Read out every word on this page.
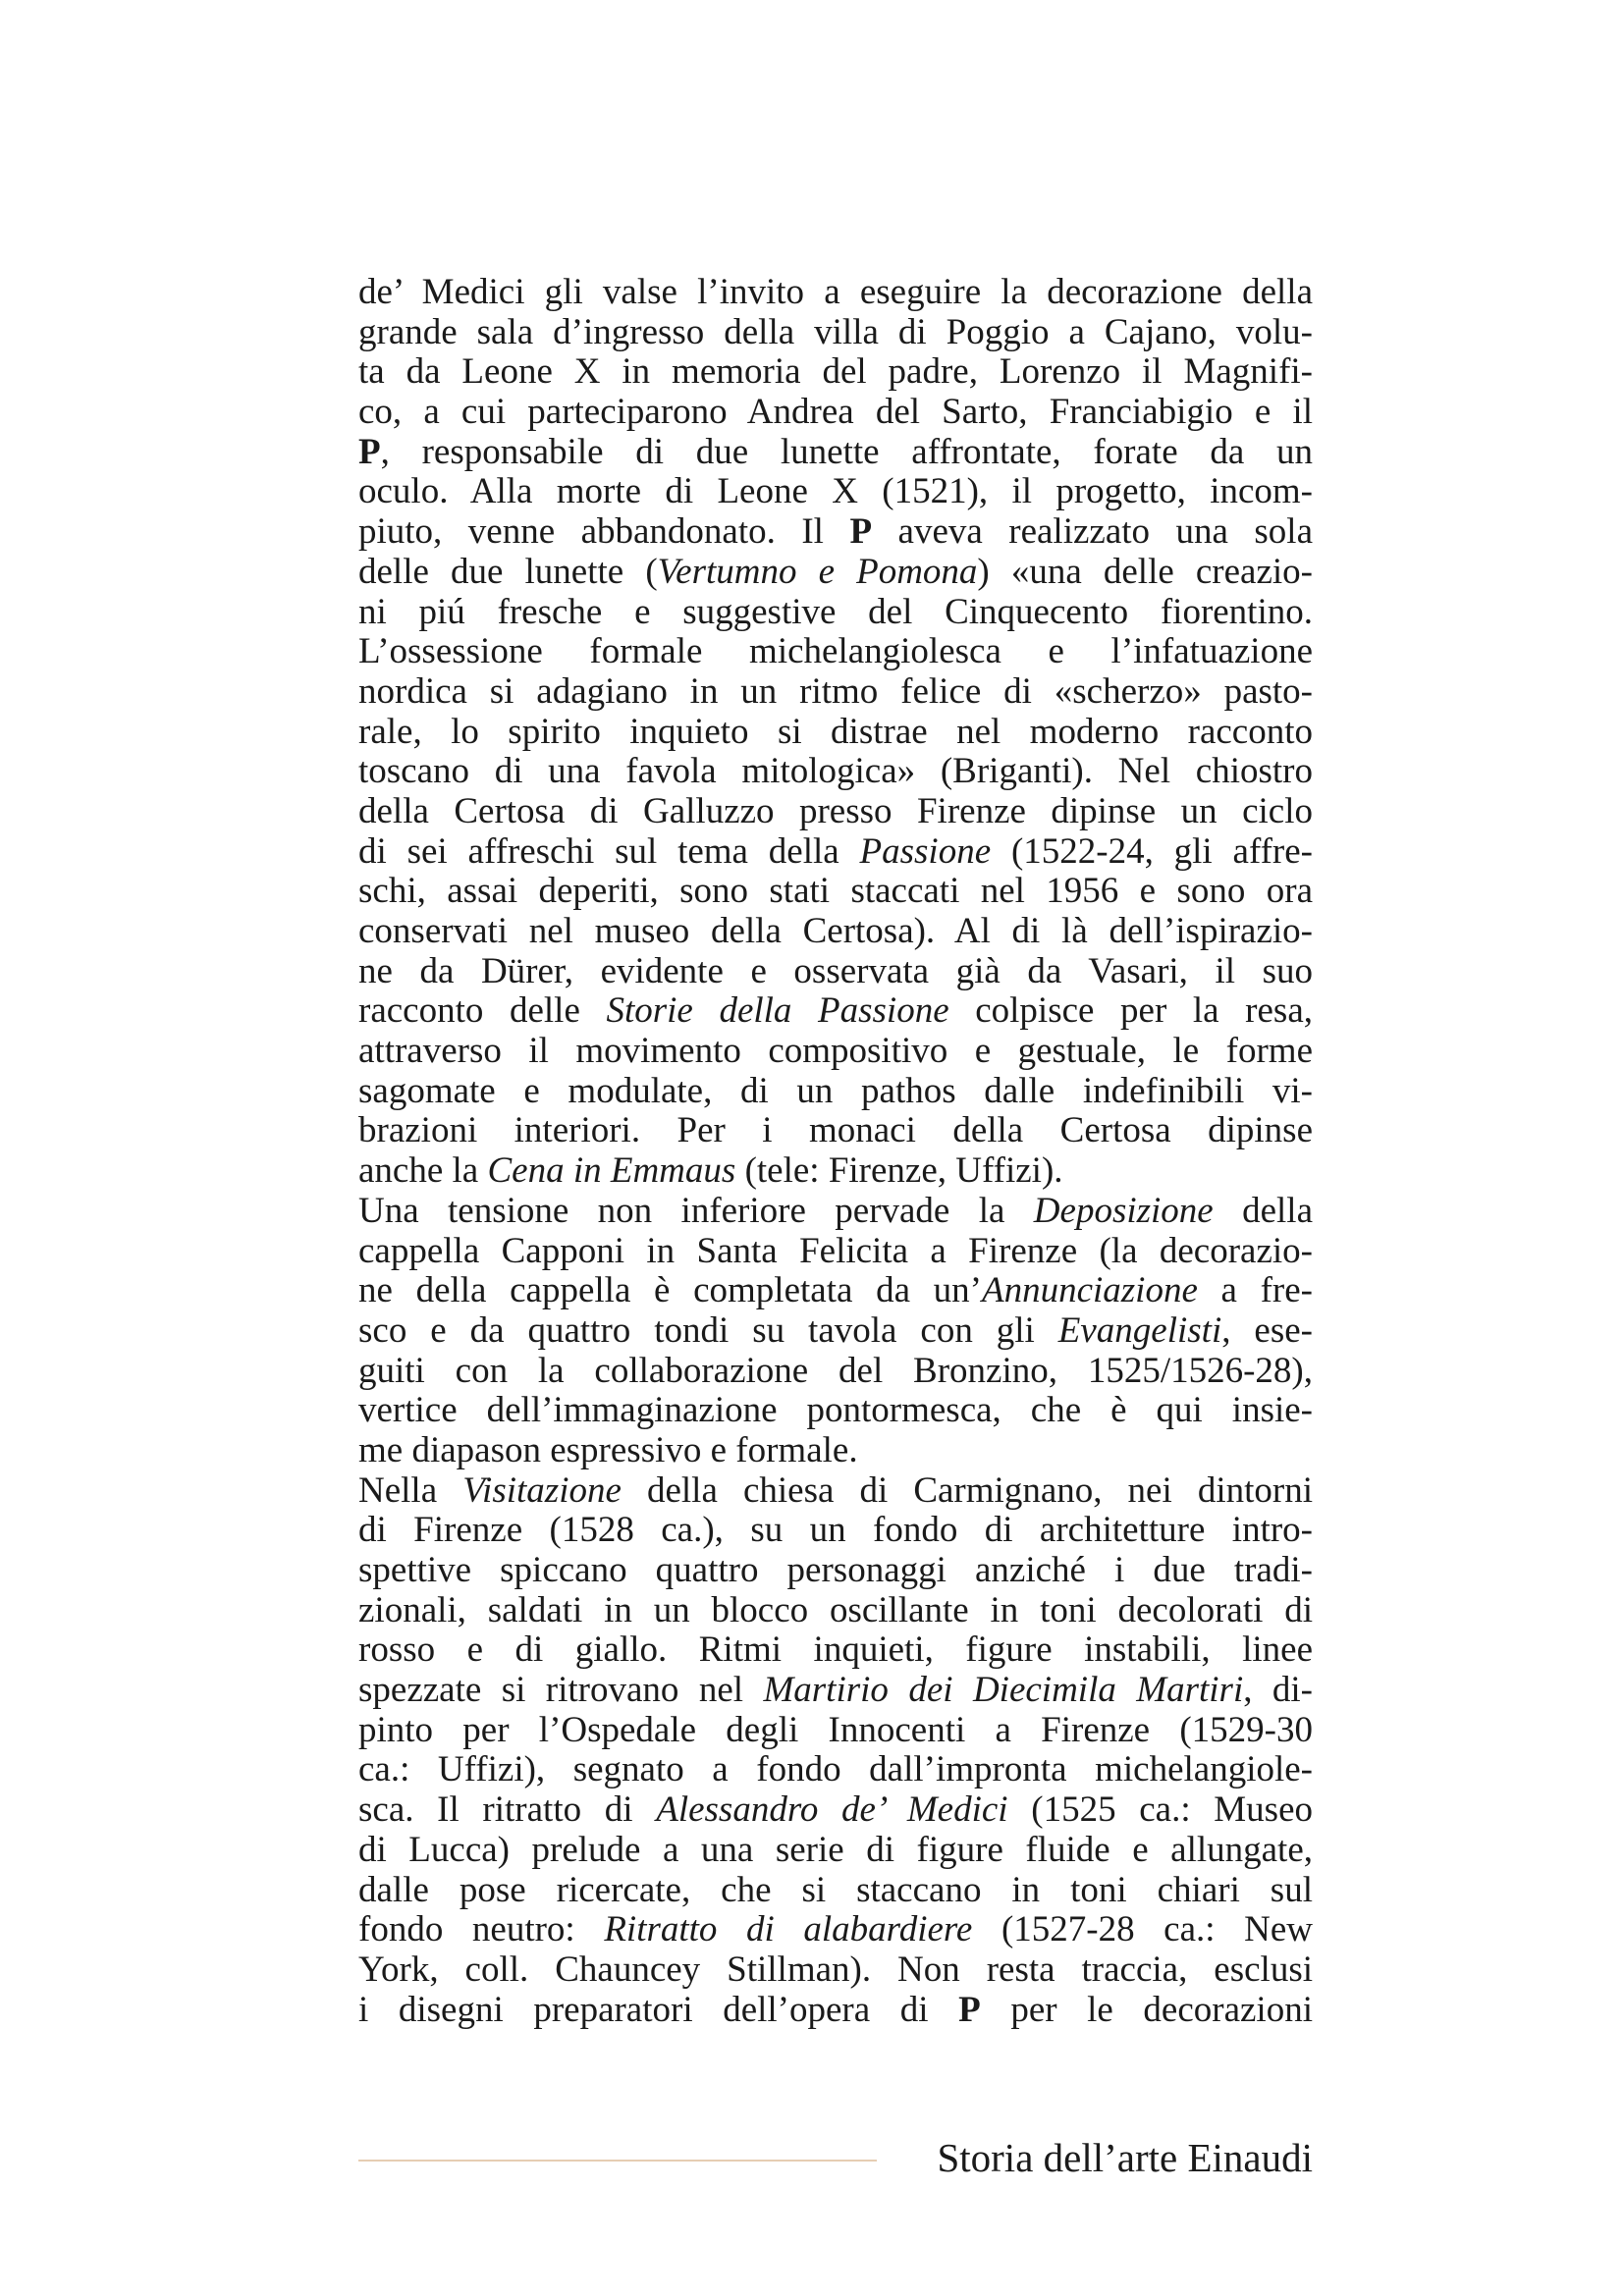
de’ Medici gli valse l’invito a eseguire la decorazione della
grande sala d’ingresso della villa di Poggio a Cajano, volu-
ta da Leone X in memoria del padre, Lorenzo il Magnifi-
co, a cui parteciparono Andrea del Sarto, Franciabigio e il
P, responsabile di due lunette affrontate, forate da un
oculo. Alla morte di Leone X (1521), il progetto, incom-
piuto, venne abbandonato. Il P aveva realizzato una sola
delle due lunette (Vertumno e Pomona) «una delle creazio-
ni piú fresche e suggestive del Cinquecento fiorentino.
L’ossessione formale michelangiolesca e l’infatuazione
nordica si adagiano in un ritmo felice di «scherzo» pasto-
rale, lo spirito inquieto si distrae nel moderno racconto
toscano di una favola mitologica» (Briganti). Nel chiostro
della Certosa di Galluzzo presso Firenze dipinse un ciclo
di sei affreschi sul tema della Passione (1522-24, gli affre-
schi, assai deperiti, sono stati staccati nel 1956 e sono ora
conservati nel museo della Certosa). Al di là dell’ispirazio-
ne da Dürer, evidente e osservata già da Vasari, il suo
racconto delle Storie della Passione colpisce per la resa,
attraverso il movimento compositivo e gestuale, le forme
sagomate e modulate, di un pathos dalle indefinibili vi-
brazioni interiori. Per i monaci della Certosa dipinse
anche la Cena in Emmaus (tele: Firenze, Uffizi).
Una tensione non inferiore pervade la Deposizione della
cappella Capponi in Santa Felicita a Firenze (la decorazio-
ne della cappella è completata da un’Annunciazione a fre-
sco e da quattro tondi su tavola con gli Evangelisti, ese-
guiti con la collaborazione del Bronzino, 1525/1526-28),
vertice dell’immaginazione pontormesca, che è qui insie-
me diapason espressivo e formale.
Nella Visitazione della chiesa di Carmignano, nei dintorni
di Firenze (1528 ca.), su un fondo di architetture intro-
spettive spiccano quattro personaggi anziché i due tradi-
zionali, saldati in un blocco oscillante in toni decolorati di
rosso e di giallo. Ritmi inquieti, figure instabili, linee
spezzate si ritrovano nel Martirio dei Diecimila Martiri, di-
pinto per l’Ospedale degli Innocenti a Firenze (1529-30
ca.: Uffizi), segnato a fondo dall’impronta michelangiole-
sca. Il ritratto di Alessandro de’ Medici (1525 ca.: Museo
di Lucca) prelude a una serie di figure fluide e allungate,
dalle pose ricercate, che si staccano in toni chiari sul
fondo neutro: Ritratto di alabardiere (1527-28 ca.: New
York, coll. Chauncey Stillman). Non resta traccia, esclusi
i disegni preparatori dell’opera di P per le decorazioni
Storia dell’arte Einaudi
